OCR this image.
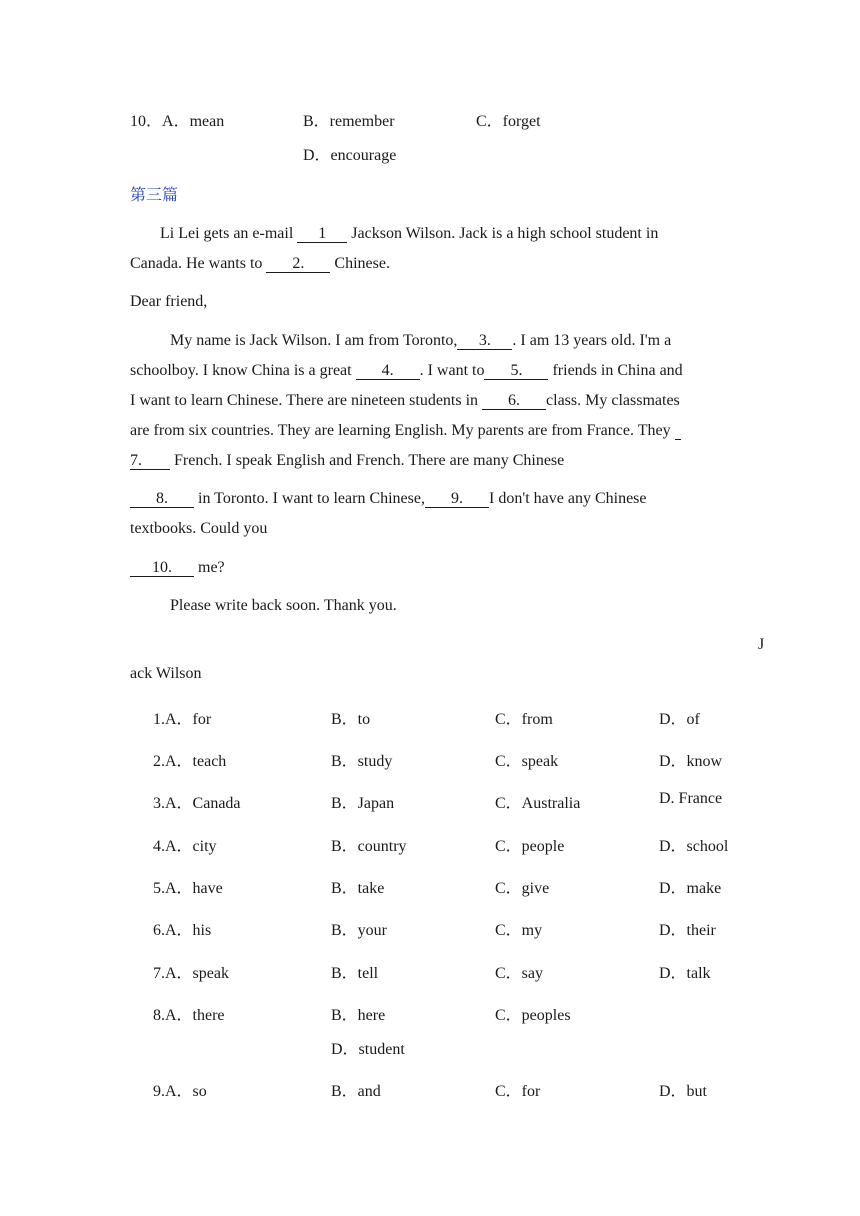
10．A．mean	B．remember	C．forget
D．encourage
第三篇
Li Lei gets an e-mail 1 Jackson Wilson. Jack is a high school student in
Canada. He wants to 2. Chinese.
Dear friend,
My name is Jack Wilson. I am from Toronto, 3. . I am 13 years old. I'm a
schoolboy. I know China is a great 4. . I want to 5. friends in China and
I want to learn Chinese. There are nineteen students in 6. class. My classmates
are from six countries. They are learning English. My parents are from France. They
7. French. I speak English and French. There are many Chinese
8. in Toronto. I want to learn Chinese, 9. I don't have any Chinese
textbooks. Could you
10. me?
Please write back soon. Thank you.
J
ack Wilson
1.A．for	B．to	C．from	D．of
2.A．teach	B．study	C．speak	D．know
3.A．Canada	B．Japan	C．Australia	D. France
4.A．city	B．country	C．people	D．school
5.A．have	B．take	C．give	D．make
6.A．his	B．your	C．my	D．their
7.A．speak	B．tell	C．say	D．talk
8.A．there	B．here	C．peoples
D．student
9.A．so	B．and	C．for	D．but
